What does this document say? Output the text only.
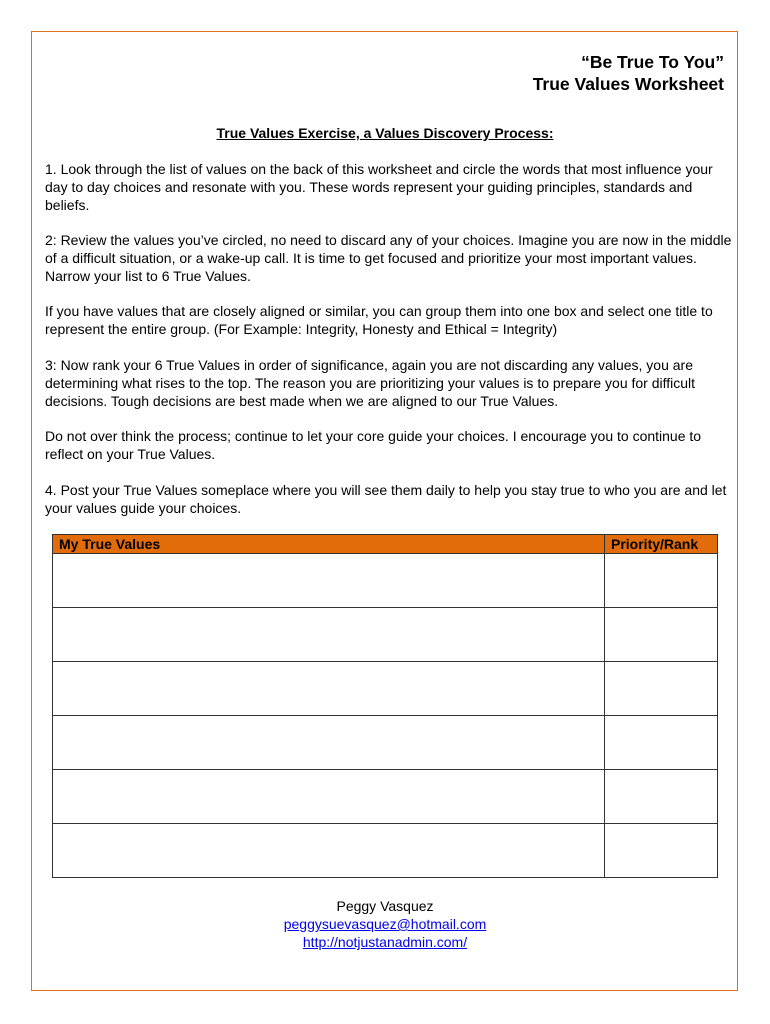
“Be True To You”
True Values Worksheet
True Values Exercise, a Values Discovery Process:

1. Look through the list of values on the back of this worksheet and circle the words that most influence your day to day choices and resonate with you. These words represent your guiding principles, standards and beliefs.

2: Review the values you’ve circled, no need to discard any of your choices. Imagine you are now in the middle of a difficult situation, or a wake-up call. It is time to get focused and prioritize your most important values. Narrow your list to 6 True Values.

If you have values that are closely aligned or similar, you can group them into one box and select one title to represent the entire group. (For Example: Integrity, Honesty and Ethical = Integrity)

3: Now rank your 6 True Values in order of significance, again you are not discarding any values, you are determining what rises to the top. The reason you are prioritizing your values is to prepare you for difficult decisions. Tough decisions are best made when we are aligned to our True Values.

Do not over think the process; continue to let your core guide your choices. I encourage you to continue to reflect on your True Values.

4. Post your True Values someplace where you will see them daily to help you stay true to who you are and let your values guide your choices.

My True Values	Priority/Rank

Peggy Vasquez
peggysuevasquez@hotmail.com
http://notjustanadmin.com/
